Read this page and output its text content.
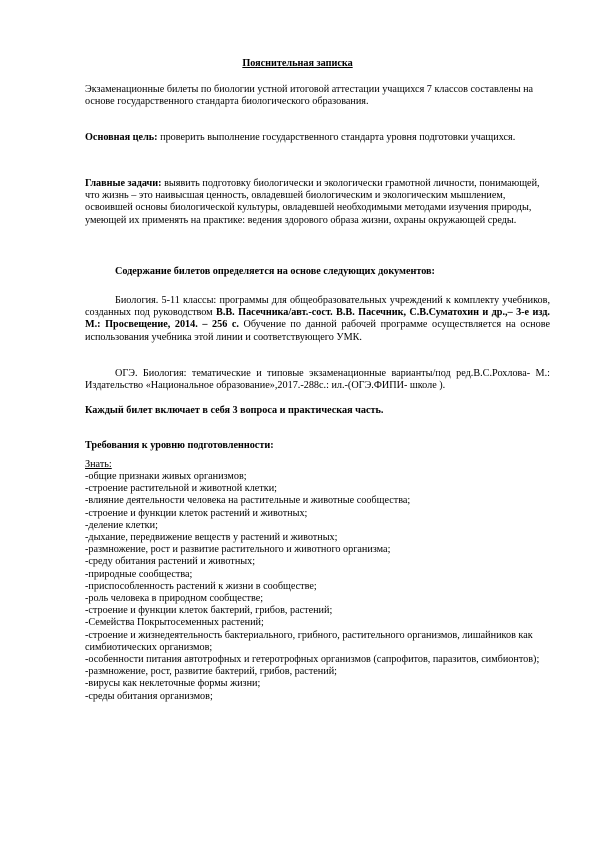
Пояснительная записка

Экзаменационные билеты по биологии устной итоговой аттестации учащихся 7 классов составлены на основе государственного стандарта биологического образования.

Основная цель: проверить выполнение государственного стандарта уровня подготовки учащихся.

Главные задачи: выявить подготовку биологически и экологически грамотной личности, понимающей, что жизнь – это наивысшая ценность, овладевшей биологическим и экологическим мышлением, освоившей основы биологической культуры, овладевшей необходимыми методами изучения природы, умеющей их применять на практике: ведения здорового образа жизни, охраны окружающей среды.

Содержание билетов определяется на основе следующих документов:

Биология. 5-11 классы: программы для общеобразовательных учреждений к комплекту учебников, созданных под руководством В.В. Пасечника/авт.-сост. В.В. Пасечник, С.В.Суматохин и др.,– 3-е изд. М.: Просвещение, 2014. – 256 с. Обучение по данной рабочей программе осуществляется на основе использования учебника этой линии и соответствующего УМК.

ОГЭ. Биология: тематические и типовые экзаменационные варианты/под ред.В.С.Рохлова- М.: Издательство «Национальное образование»,2017.-288с.: ил.-(ОГЭ.ФИПИ- школе ).

Каждый билет включает в себя 3 вопроса и практическая часть.

Требования к уровню подготовленности:

Знать:

-общие признаки живых организмов;
-строение растительной и животной клетки;
-влияние деятельности человека на растительные и животные сообщества;
-строение и функции клеток растений и животных;
-деление клетки;
-дыхание, передвижение веществ у растений и животных;
-размножение, рост и развитие растительного и животного организма;
-среду обитания растений и животных;
-природные сообщества;
-приспособленность растений к жизни в сообществе;
-роль человека в природном сообществе;
-строение и функции клеток бактерий, грибов, растений;
-Семейства Покрытосеменных растений;
-строение и жизнедеятельность бактериального, грибного, растительного организмов, лишайников как симбиотических организмов;
-особенности питания автотрофных и гетеротрофных организмов (сапрофитов, паразитов, симбионтов);
-размножение, рост, развитие бактерий, грибов, растений;
-вирусы как неклеточные формы жизни;
-среды обитания организмов;
